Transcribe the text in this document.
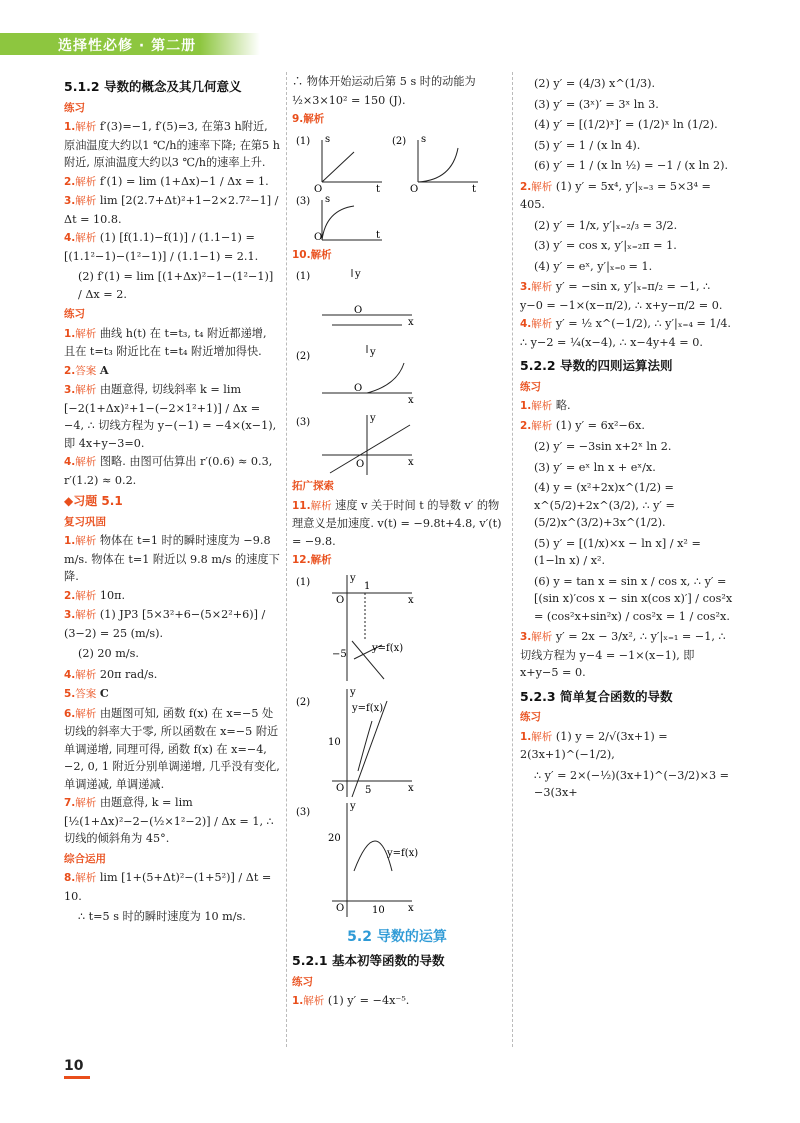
选择性必修 · 第二册
5.1.2 导数的概念及其几何意义
练习
1.解析 f′(3)=−1, f′(5)=3, 在第3 h附近, 原油温度大约以1 ℃/h的速率下降; 在第5 h附近, 原油温度大约以3 ℃/h的速率上升.
2.解析 f′(1) = lim (1+Δx)−1 / Δx = 1.
3.解析 lim [2(2.7+Δt)²+1−2×2.7²−1] / Δt = 10.8.
4.解析 (1) [f(1.1)−f(1)] / (1.1−1) = [(1.1²−1)−(1²−1)] / (1.1−1) = 2.1.
(2) f′(1) = lim [(1+Δx)²−1−(1²−1)] / Δx = 2.
练习
1.解析 曲线 h(t) 在 t=t₃, t₄ 附近都递增, 且在 t=t₃ 附近比在 t=t₄ 附近增加得快.
2.答案 A
3.解析 由题意得, 切线斜率 k = lim [−2(1+Δx)²+1−(−2×1²+1)] / Δx = −4, ∴ 切线方程为 y−(−1) = −4×(x−1), 即 4x+y−3=0.
4.解析 图略. 由图可估算出 r′(0.6) ≈ 0.3, r′(1.2) ≈ 0.2.
◆习题 5.1
复习巩固
1.解析 物体在 t=1 时的瞬时速度为 −9.8 m/s. 物体在 t=1 附近以 9.8 m/s 的速度下降.
2.解析 10π.
3.解析 (1) JP3 [5×3²+6−(5×2²+6)] / (3−2) = 25 (m/s).
(2) 20 m/s.
4.解析 20π rad/s.
5.答案 C
6.解析 由题图可知, 函数 f(x) 在 x=−5 处切线的斜率大于零, 所以函数在 x=−5 附近单调递增, 同理可得, 函数 f(x) 在 x=−4, −2, 0, 1 附近分别单调递增, 几乎没有变化, 单调递减, 单调递减.
7.解析 由题意得, k = lim [½(1+Δx)²−2−(½×1²−2)] / Δx = 1, ∴ 切线的倾斜角为 45°.
综合运用
8.解析 lim [1+(5+Δt)²−(1+5²)] / Δt = 10.
∴ t=5 s 时的瞬时速度为 10 m/s.
∴ 物体开始运动后第 5 s 时的动能为
½×3×10² = 150 (J).
9.解析
(1) s
t
O
(2) s
t
O
(3) s
t
O
10.解析
(1)	y
x
O
(2)	y
x
O
(3)	y
x
O
拓广探索
11.解析 速度 v 关于时间 t 的导数 v′ 的物理意义是加速度. v(t) = −9.8t+4.8, v′(t) = −9.8.
12.解析
(1)	y
x
O
1
−5
y=f(x)
(2)
y
x
O
10
5
y=f(x)
(3)
y
x
O
20
10
y=f(x)
5.2 导数的运算
5.2.1 基本初等函数的导数
练习
1.解析 (1) y′ = −4x⁻⁵.
(2) y′ = (4/3) x^(1/3).
(3) y′ = (3ˣ)′ = 3ˣ ln 3.
(4) y′ = [(1/2)ˣ]′ = (1/2)ˣ ln (1/2).
(5) y′ = 1 / (x ln 4).
(6) y′ = 1 / (x ln ½) = −1 / (x ln 2).
2.解析 (1) y′ = 5x⁴, y′|ₓ₌₃ = 5×3⁴ = 405.
(2) y′ = 1/x, y′|ₓ₌₂/₃ = 3/2.
(3) y′ = cos x, y′|ₓ₌₂π = 1.
(4) y′ = eˣ, y′|ₓ₌₀ = 1.
3.解析 y′ = −sin x, y′|ₓ₌π/₂ = −1, ∴ y−0 = −1×(x−π/2), ∴ x+y−π/2 = 0.
4.解析 y′ = ½ x^(−1/2), ∴ y′|ₓ₌₄ = 1/4. ∴ y−2 = ¼(x−4), ∴ x−4y+4 = 0.
5.2.2 导数的四则运算法则
练习
1.解析 略.
2.解析 (1) y′ = 6x²−6x.
(2) y′ = −3sin x+2ˣ ln 2.
(3) y′ = eˣ ln x + eˣ/x.
(4) y = (x²+2x)x^(1/2) = x^(5/2)+2x^(3/2), ∴ y′ = (5/2)x^(3/2)+3x^(1/2).
(5) y′ = [(1/x)×x − ln x] / x² = (1−ln x) / x².
(6) y = tan x = sin x / cos x, ∴ y′ = [(sin x)′cos x − sin x(cos x)′] / cos²x = (cos²x+sin²x) / cos²x = 1 / cos²x.
3.解析 y′ = 2x − 3/x², ∴ y′|ₓ₌₁ = −1, ∴ 切线方程为 y−4 = −1×(x−1), 即 x+y−5 = 0.
5.2.3 简单复合函数的导数
练习
1.解析 (1) y = 2/√(3x+1) = 2(3x+1)^(−1/2),
∴ y′ = 2×(−½)(3x+1)^(−3/2)×3 = −3(3x+
10
